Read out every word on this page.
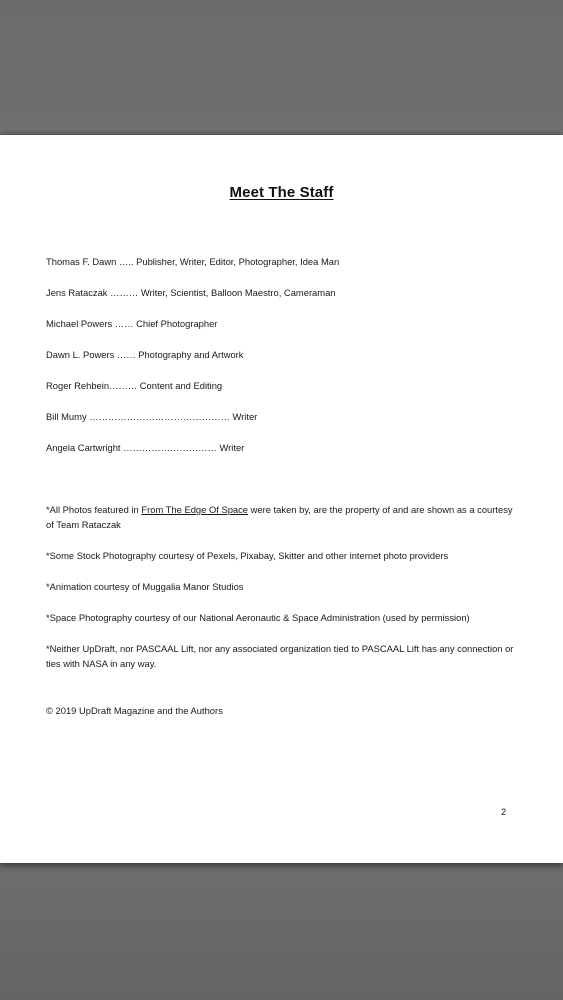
Meet The Staff
Thomas F. Dawn ….. Publisher, Writer, Editor, Photographer, Idea Man
Jens Rataczak ……… Writer, Scientist, Balloon Maestro, Cameraman
Michael Powers …… Chief Photographer
Dawn L. Powers …… Photography and Artwork
Roger Rehbein……… Content and Editing
Bill Mumy ……………………………………… Writer
Angela Cartwright ………………………… Writer

*All Photos featured in From The Edge Of Space were taken by, are the property of and are shown as a courtesy of Team Rataczak

*Some Stock Photography courtesy of Pexels, Pixabay, Skitter and other internet photo providers

*Animation courtesy of Muggalia Manor Studios

*Space Photography courtesy of our National Aeronautic & Space Administration (used by permission)

*Neither UpDraft, nor PASCAAL Lift, nor any associated organization tied to PASCAAL Lift has any connection or ties with NASA in any way.

© 2019 UpDraft Magazine and the Authors
2
